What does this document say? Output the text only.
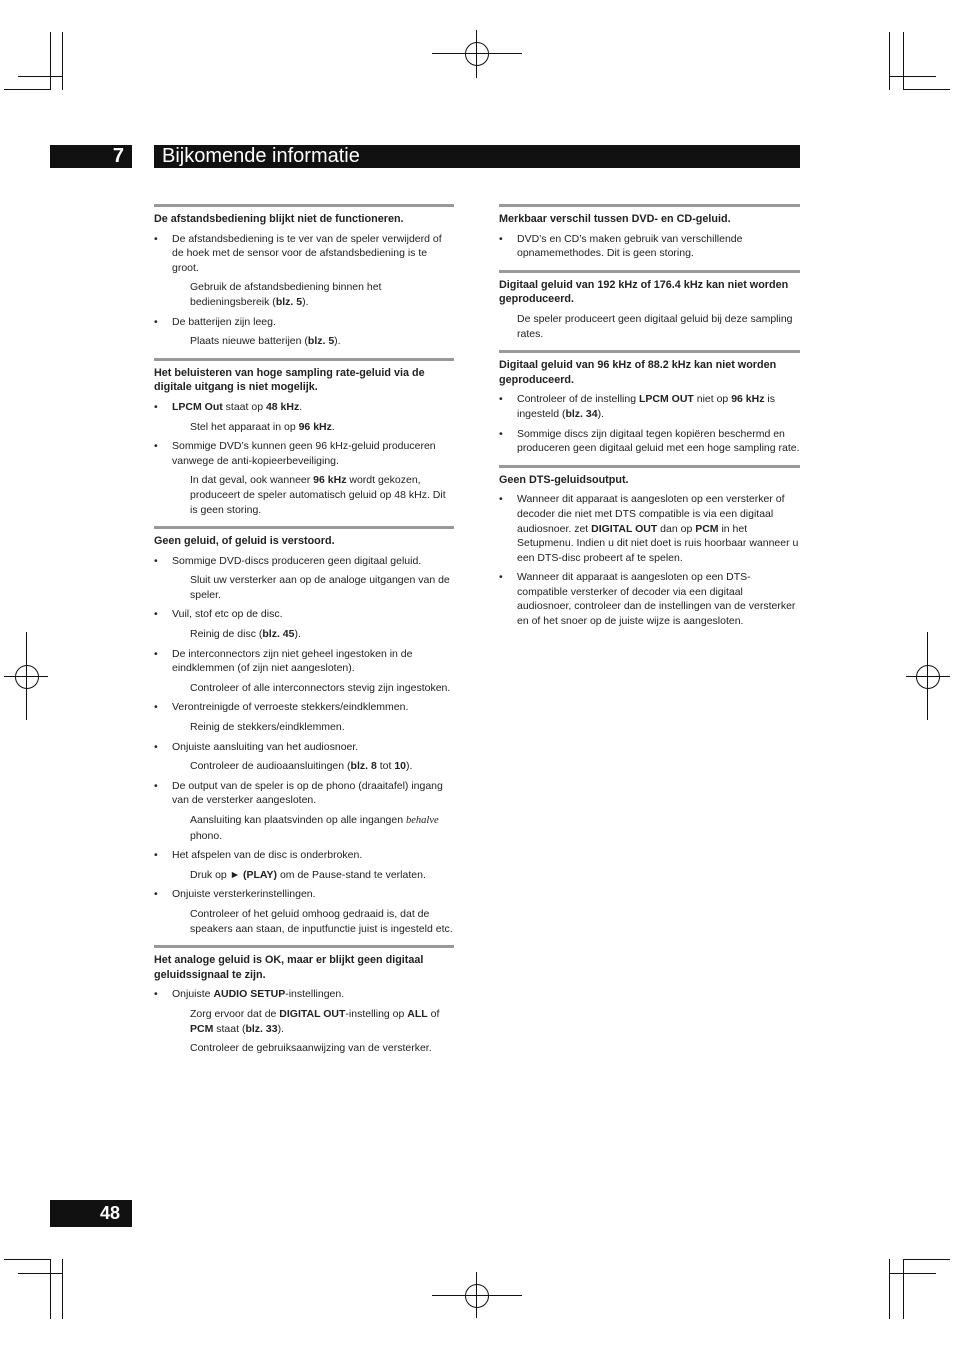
7	Bijkomende informatie
De afstandsbediening blijkt niet de functioneren.
• De afstandsbediening is te ver van de speler verwijderd of de hoek met de sensor voor de afstandsbediening is te groot.
Gebruik de afstandsbediening binnen het bedieningsbereik (blz. 5).
• De batterijen zijn leeg.
Plaats nieuwe batterijen (blz. 5).
Het beluisteren van hoge sampling rate-geluid via de digitale uitgang is niet mogelijk.
• LPCM Out staat op 48 kHz.
Stel het apparaat in op 96 kHz.
• Sommige DVD’s kunnen geen 96 kHz-geluid produceren vanwege de anti-kopieerbeveiliging.
In dat geval, ook wanneer 96 kHz wordt gekozen, produceert de speler automatisch geluid op 48 kHz. Dit is geen storing.
Geen geluid, of geluid is verstoord.
• Sommige DVD-discs produceren geen digitaal geluid.
Sluit uw versterker aan op de analoge uitgangen van de speler.
• Vuil, stof etc op de disc.
Reinig de disc (blz. 45).
• De interconnectors zijn niet geheel ingestoken in de eindklemmen (of zijn niet aangesloten).
Controleer of alle interconnectors stevig zijn ingestoken.
• Verontreinigde of verroeste stekkers/eindklemmen.
Reinig de stekkers/eindklemmen.
• Onjuiste aansluiting van het audiosnoer.
Controleer de audioaansluitingen (blz. 8 tot 10).
• De output van de speler is op de phono (draaitafel) ingang van de versterker aangesloten.
Aansluiting kan plaatsvinden op alle ingangen behalve phono.
• Het afspelen van de disc is onderbroken.
Druk op ► (PLAY) om de Pause-stand te verlaten.
• Onjuiste versterkerinstellingen.
Controleer of het geluid omhoog gedraaid is, dat de speakers aan staan, de inputfunctie juist is ingesteld etc.
Het analoge geluid is OK, maar er blijkt geen digitaal geluidssignaal te zijn.
• Onjuiste AUDIO SETUP-instellingen.
Zorg ervoor dat de DIGITAL OUT-instelling op ALL of PCM staat (blz. 33).
Controleer de gebruiksaanwijzing van de versterker.
Merkbaar verschil tussen DVD- en CD-geluid.
• DVD’s en CD’s maken gebruik van verschillende opnamemethodes. Dit is geen storing.
Digitaal geluid van 192 kHz of 176.4 kHz kan niet worden geproduceerd.
De speler produceert geen digitaal geluid bij deze sampling rates.
Digitaal geluid van 96 kHz of 88.2 kHz kan niet worden geproduceerd.
• Controleer of de instelling LPCM OUT niet op 96 kHz is ingesteld (blz. 34).
• Sommige discs zijn digitaal tegen kopiëren beschermd en produceren geen digitaal geluid met een hoge sampling rate.
Geen DTS-geluidsoutput.
• Wanneer dit apparaat is aangesloten op een versterker of decoder die niet met DTS compatible is via een digitaal audiosnoer. zet DIGITAL OUT dan op PCM in het Setupmenu. Indien u dit niet doet is ruis hoorbaar wanneer u een DTS-disc probeert af te spelen.
• Wanneer dit apparaat is aangesloten op een DTS-compatible versterker of decoder via een digitaal audiosnoer, controleer dan de instellingen van de versterker en of het snoer op de juiste wijze is aangesloten.
48
